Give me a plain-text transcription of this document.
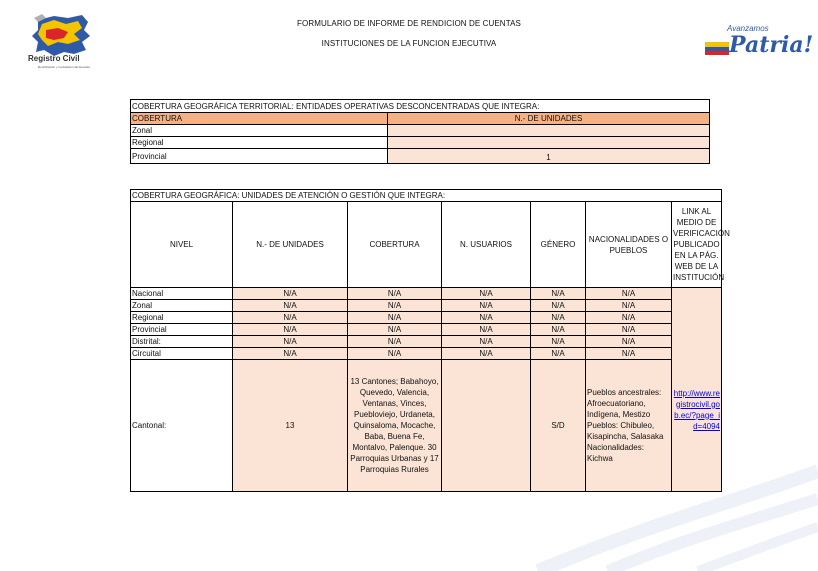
FORMULARIO DE INFORME DE RENDICION DE CUENTAS
INSTITUCIONES DE LA FUNCION EJECUTIVA
Registro Civil
Identificación y Cedulación del Ecuador
Avanzamos
Patria!
COBERTURA GEOGRÁFICA TERRITORIAL: ENTIDADES OPERATIVAS DESCONCENTRADAS QUE INTEGRA:	
COBERTURA	N.- DE UNIDADES
Zonal	
Regional	
Provincial	1
COBERTURA GEOGRÁFICA: UNIDADES DE ATENCIÓN O GESTIÓN QUE INTEGRA:						
NIVEL	N.- DE UNIDADES	COBERTURA	N. USUARIOS	GÉNERO	NACIONALIDADES O PUEBLOS	LINK AL MEDIO DE VERIFICACIÓN PUBLICADO EN LA PÁG. WEB DE LA INSTITUCIÓN
Nacional	N/A	N/A	N/A	N/A	N/A	http://www.registrocivil.gob.ec/?page_id=4094

Zonal	N/A	N/A	N/A	N/A	N/A	
Regional	N/A	N/A	N/A	N/A	N/A	
Provincial	N/A	N/A	N/A	N/A	N/A	
Distrital:	N/A	N/A	N/A	N/A	N/A	
Circuital	N/A	N/A	N/A	N/A	N/A	
Cantonal:	13	13 Cantones; Babahoyo, Quevedo, Valencia, Ventanas, Vinces, Puebloviejo, Urdaneta, Quinsaloma, Mocache, Baba, Buena Fe, Montalvo, Palenque. 30 Parroquias Urbanas y 17 Parroquias Rurales		S/D	Pueblos ancestrales: Afroecuatoriano, Indígena, Mestizo Pueblos: Chibuleo, Kisapincha, Salasaka Nacionalidades: Kichwa	
